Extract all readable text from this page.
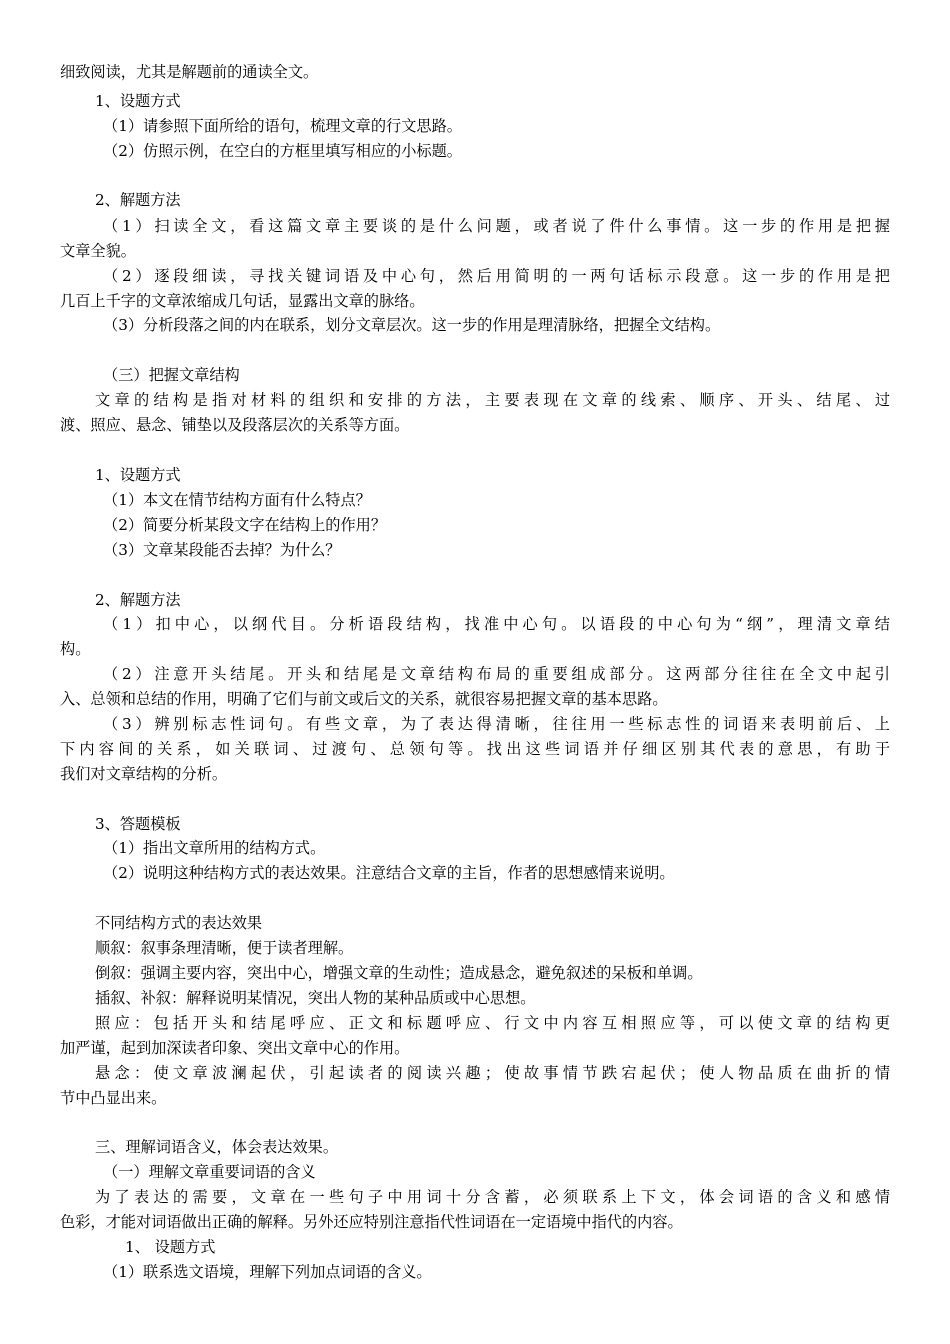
细致阅读，尤其是解题前的通读全文。
1、设题方式
（1）请参照下面所给的语句，梳理文章的行文思路。
（2）仿照示例，在空白的方框里填写相应的小标题。
2、解题方法
（1）扫读全文，看这篇文章主要谈的是什么问题，或者说了件什么事情。这一步的作用是把握
文章全貌。
（2）逐段细读，寻找关键词语及中心句，然后用简明的一两句话标示段意。这一步的作用是把
几百上千字的文章浓缩成几句话，显露出文章的脉络。
（3）分析段落之间的内在联系，划分文章层次。这一步的作用是理清脉络，把握全文结构。
（三）把握文章结构
文章的结构是指对材料的组织和安排的方法，主要表现在文章的线索、顺序、开头、结尾、过
渡、照应、悬念、铺垫以及段落层次的关系等方面。
1、设题方式
（1）本文在情节结构方面有什么特点？
（2）简要分析某段文字在结构上的作用？
（3）文章某段能否去掉？为什么？
2、解题方法
（1）扣中心，以纲代目。分析语段结构，找准中心句。以语段的中心句为“纲”，理清文章结
构。
（2）注意开头结尾。开头和结尾是文章结构布局的重要组成部分。这两部分往往在全文中起引
入、总领和总结的作用，明确了它们与前文或后文的关系，就很容易把握文章的基本思路。
（3）辨别标志性词句。有些文章，为了表达得清晰，往往用一些标志性的词语来表明前后、上
下内容间的关系，如关联词、过渡句、总领句等。找出这些词语并仔细区别其代表的意思，有助于
我们对文章结构的分析。
3、答题模板
（1）指出文章所用的结构方式。
（2）说明这种结构方式的表达效果。注意结合文章的主旨，作者的思想感情来说明。
不同结构方式的表达效果
顺叙：叙事条理清晰，便于读者理解。
倒叙：强调主要内容，突出中心，增强文章的生动性；造成悬念，避免叙述的呆板和单调。
插叙、补叙：解释说明某情况，突出人物的某种品质或中心思想。
照应：包括开头和结尾呼应、正文和标题呼应、行文中内容互相照应等，可以使文章的结构更
加严谨，起到加深读者印象、突出文章中心的作用。
悬念：使文章波澜起伏，引起读者的阅读兴趣；使故事情节跌宕起伏；使人物品质在曲折的情
节中凸显出来。
三、理解词语含义，体会表达效果。
（一）理解文章重要词语的含义
为了表达的需要，文章在一些句子中用词十分含蓄，必须联系上下文，体会词语的含义和感情
色彩，才能对词语做出正确的解释。另外还应特别注意指代性词语在一定语境中指代的内容。
1、 设题方式
（1）联系选文语境，理解下列加点词语的含义。
